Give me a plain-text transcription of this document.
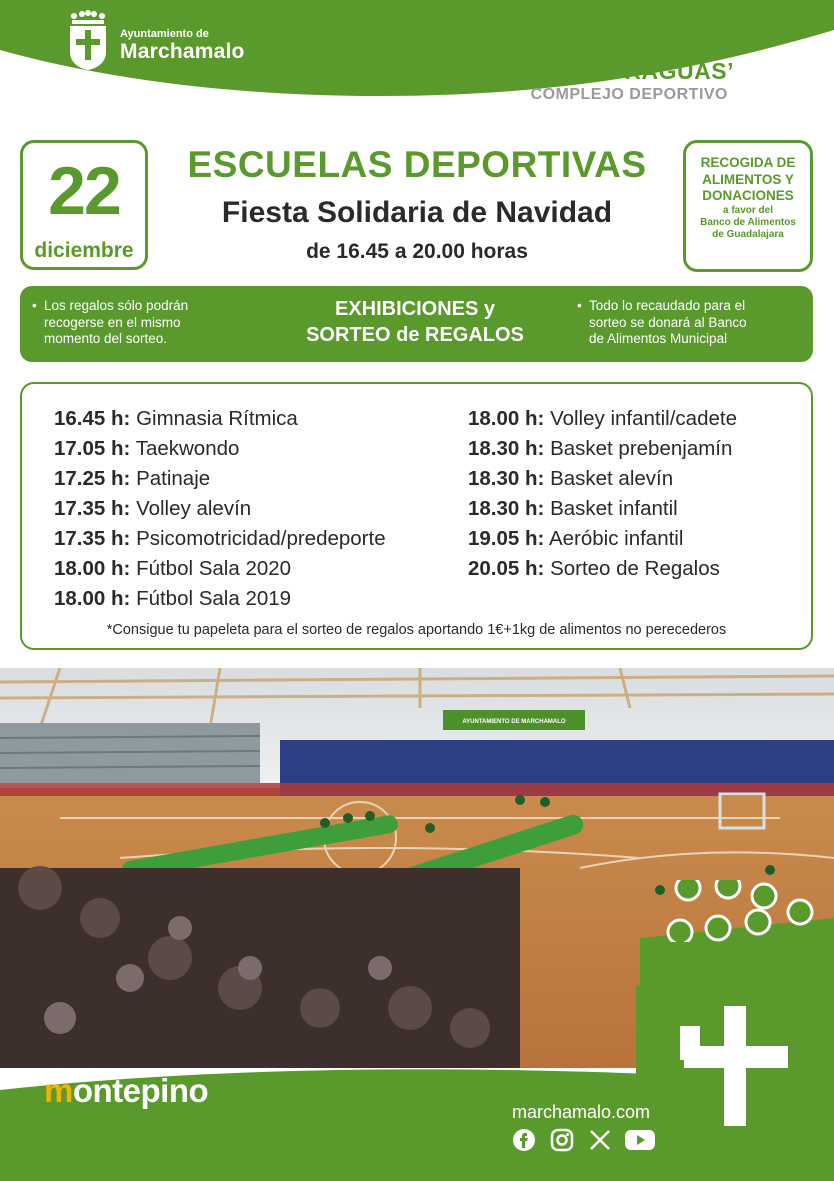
Ayuntamiento de
Marchamalo
‘GARCÍA FRAGUAS’
COMPLEJO DEPORTIVO
22
diciembre
ESCUELAS DEPORTIVAS
Fiesta Solidaria de Navidad
de 16.45 a 20.00 horas
RECOGIDA DE
ALIMENTOS Y
DONACIONES
a favor del
Banco de Alimentos
de Guadalajara
• Los regalos sólo podrán
recogerse en el mismo
momento del sorteo.
EXHIBICIONES y
SORTEO de REGALOS
• Todo lo recaudado para el
sorteo se donará al Banco
de Alimentos Municipal
16.45 h: Gimnasia Rítmica
17.05 h: Taekwondo
17.25 h: Patinaje
17.35 h: Volley alevín
17.35 h: Psicomotricidad/predeporte
18.00 h: Fútbol Sala 2020
18.00 h: Fútbol Sala 2019
18.00 h: Volley infantil/cadete
18.30 h: Basket prebenjamín
18.30 h: Basket alevín
18.30 h: Basket infantil
19.05 h: Aeróbic infantil
20.05 h: Sorteo de Regalos
*Consigue tu papeleta para el sorteo de regalos aportando 1€+1kg de alimentos no perecederos
AYUNTAMIENTO DE MARCHAMALO
montepino
marchamalo.com
